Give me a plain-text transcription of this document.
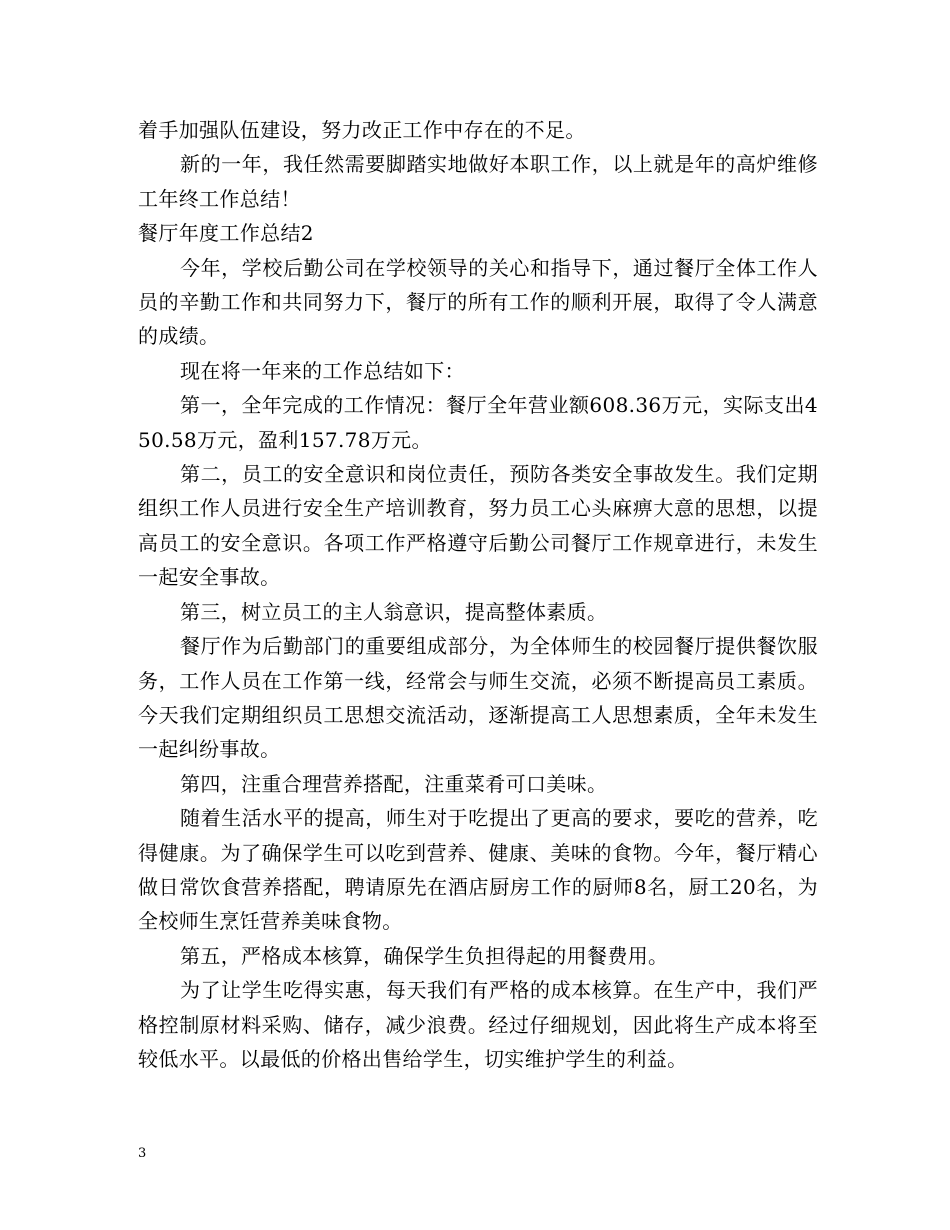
着手加强队伍建设，努力改正工作中存在的不足。

新的一年，我任然需要脚踏实地做好本职工作，以上就是年的高炉维修工年终工作总结！

餐厅年度工作总结2

今年，学校后勤公司在学校领导的关心和指导下，通过餐厅全体工作人员的辛勤工作和共同努力下，餐厅的所有工作的顺利开展，取得了令人满意的成绩。

现在将一年来的工作总结如下：

第一，全年完成的工作情况：餐厅全年营业额608.36万元，实际支出450.58万元，盈利157.78万元。

第二，员工的安全意识和岗位责任，预防各类安全事故发生。我们定期组织工作人员进行安全生产培训教育，努力员工心头麻痹大意的思想，以提高员工的安全意识。各项工作严格遵守后勤公司餐厅工作规章进行，未发生一起安全事故。

第三，树立员工的主人翁意识，提高整体素质。

餐厅作为后勤部门的重要组成部分，为全体师生的校园餐厅提供餐饮服务，工作人员在工作第一线，经常会与师生交流，必须不断提高员工素质。今天我们定期组织员工思想交流活动，逐渐提高工人思想素质，全年未发生一起纠纷事故。

第四，注重合理营养搭配，注重菜肴可口美味。

随着生活水平的提高，师生对于吃提出了更高的要求，要吃的营养，吃得健康。为了确保学生可以吃到营养、健康、美味的食物。今年，餐厅精心做日常饮食营养搭配，聘请原先在酒店厨房工作的厨师8名，厨工20名，为全校师生烹饪营养美味食物。

第五，严格成本核算，确保学生负担得起的用餐费用。

为了让学生吃得实惠，每天我们有严格的成本核算。在生产中，我们严格控制原材料采购、储存，减少浪费。经过仔细规划，因此将生产成本将至较低水平。以最低的价格出售给学生，切实维护学生的利益。

3
